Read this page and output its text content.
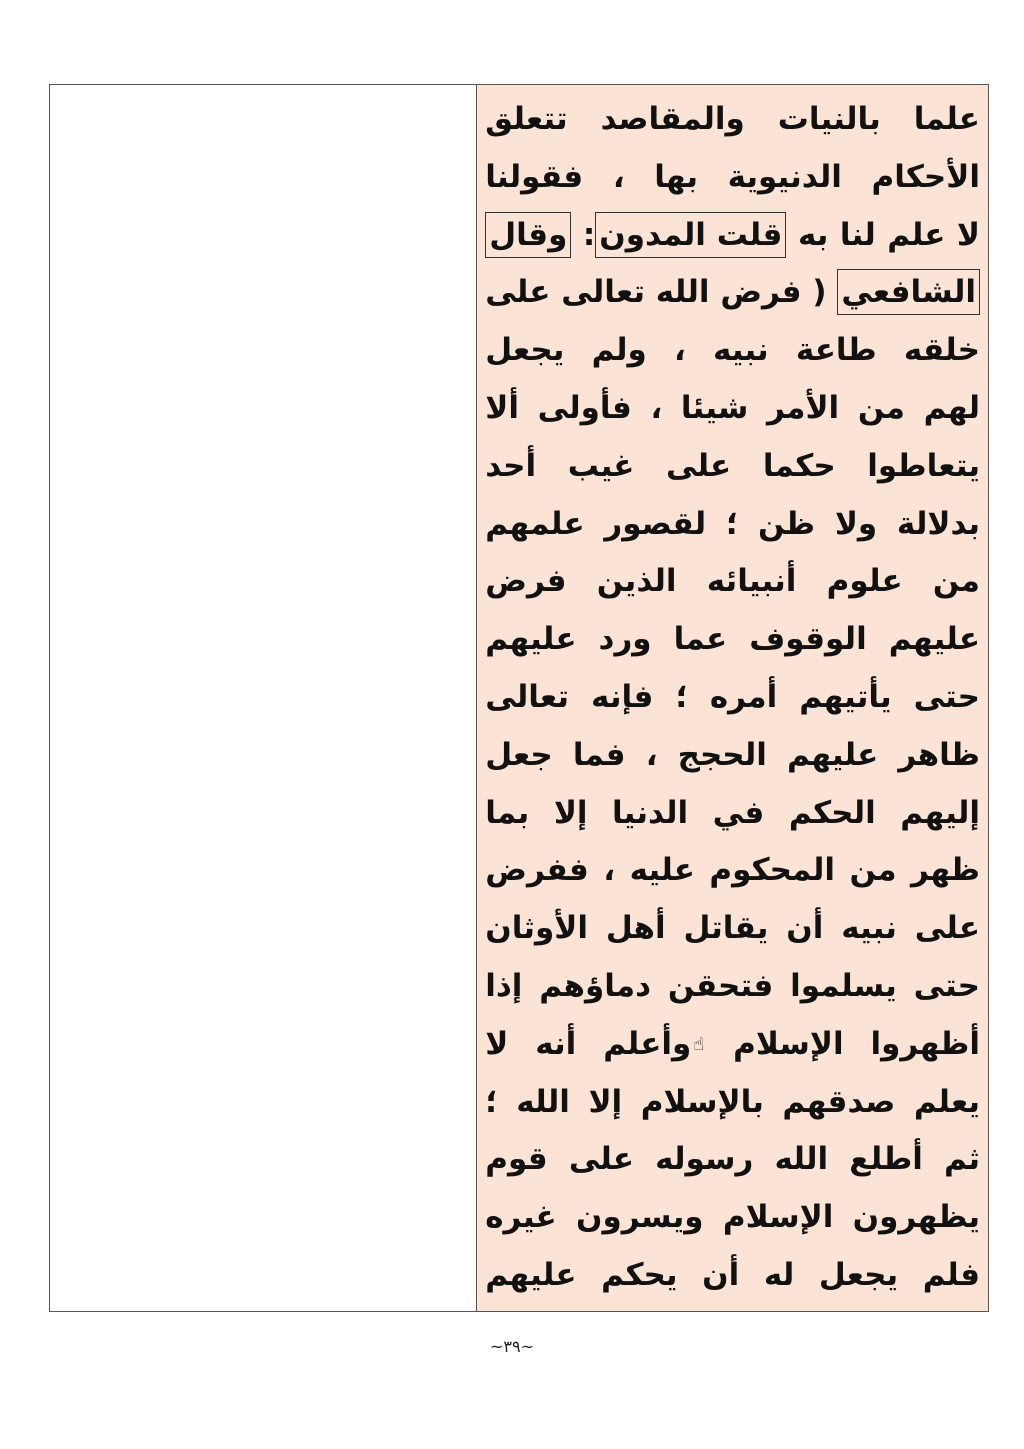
علما بالنيات والمقاصد تتعلق
الأحكام الدنيوية بها ، فقولنا
لا علم لنا به قلت المدون: وقال
الشافعي ( فرض الله تعالى على
خلقه طاعة نبيه ، ولم يجعل
لهم من الأمر شيئا ، فأولى ألا
يتعاطوا حكما على غيب أحد
بدلالة ولا ظن ؛ لقصور علمهم
من علوم أنبيائه الذين فرض
عليهم الوقوف عما ورد عليهم
حتى يأتيهم أمره ؛ فإنه تعالى
ظاهر عليهم الحجج ، فما جعل
إليهم الحكم في الدنيا إلا بما
ظهر من المحكوم عليه ، ففرض
على نبيه أن يقاتل أهل الأوثان
حتى يسلموا فتحقن دماؤهم إذا
أظهروا الإسلام ☝وأعلم أنه لا
يعلم صدقهم بالإسلام إلا الله ؛
ثم أطلع الله رسوله على قوم
يظهرون الإسلام ويسرون غيره
فلم يجعل له أن يحكم عليهم
~٣٩~
